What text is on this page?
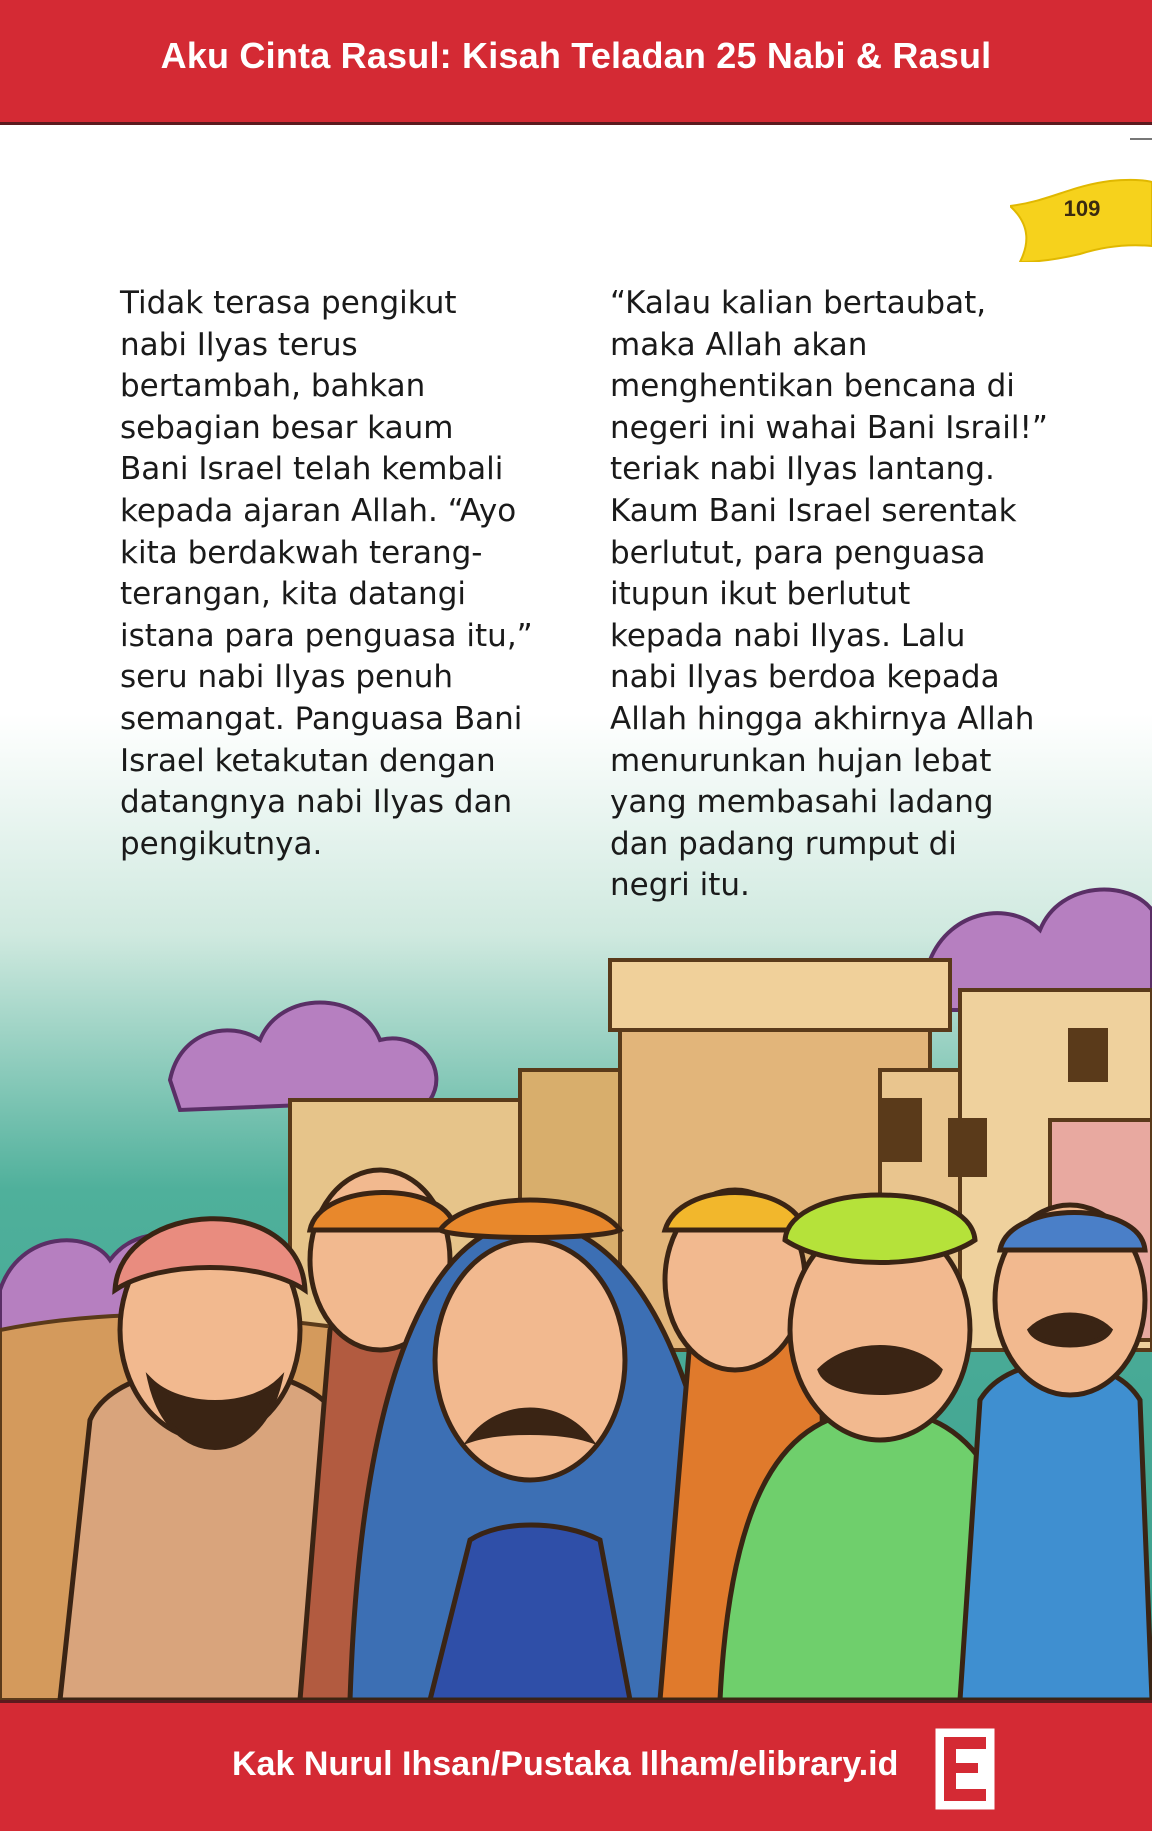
Aku Cinta Rasul: Kisah Teladan 25 Nabi & Rasul
109
Tidak terasa pengikut
nabi Ilyas terus
bertambah, bahkan
sebagian besar kaum
Bani Israel telah kembali
kepada ajaran Allah. “Ayo
kita berdakwah terang-
terangan, kita datangi
istana para penguasa itu,”
seru nabi Ilyas penuh
semangat. Panguasa Bani
Israel ketakutan dengan
datangnya nabi Ilyas dan
pengikutnya.
“Kalau kalian bertaubat,
maka Allah akan
menghentikan bencana di
negeri ini wahai Bani Israil!”
teriak nabi Ilyas lantang.
Kaum Bani Israel serentak
berlutut, para penguasa
itupun ikut berlutut
kepada nabi Ilyas. Lalu
nabi Ilyas berdoa kepada
Allah hingga akhirnya Allah
menurunkan hujan lebat
yang membasahi ladang
dan padang rumput di
negri itu.
Kak Nurul Ihsan/Pustaka Ilham/elibrary.id
